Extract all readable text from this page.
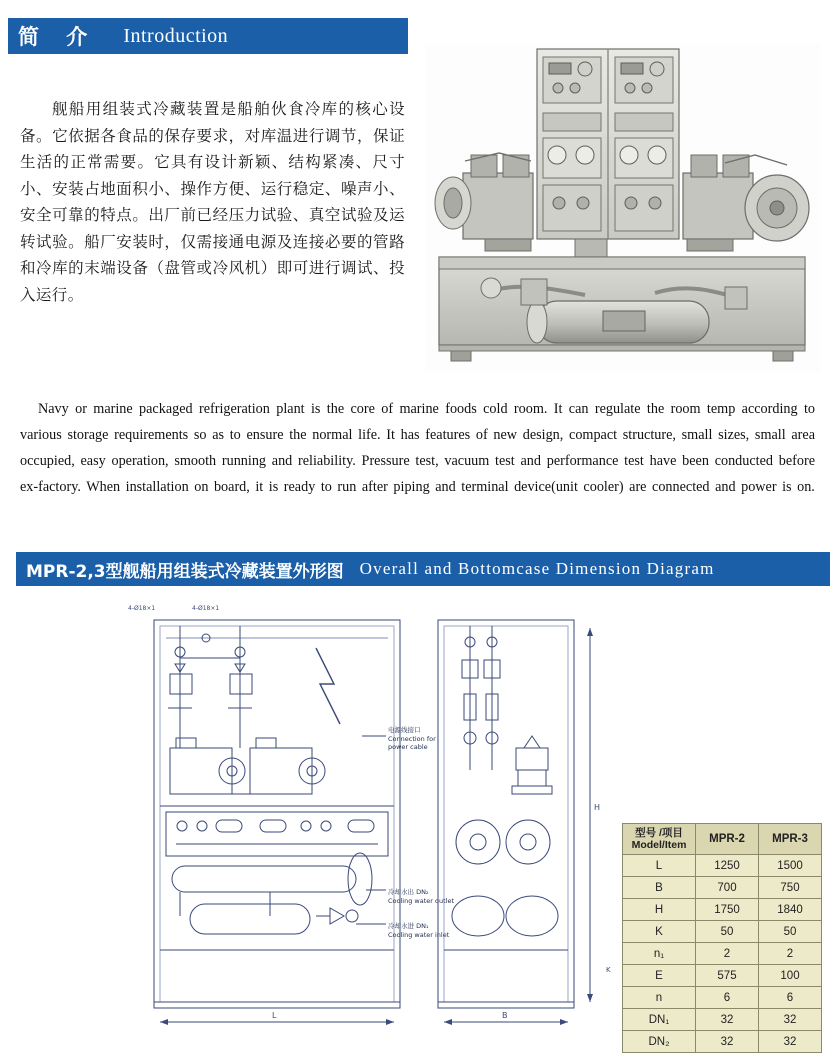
简 介 Introduction
舰船用组装式冷藏装置是船舶伙食冷库的核心设备。它依据各食品的保存要求，对库温进行调节，保证生活的正常需要。它具有设计新颖、结构紧凑、尺寸小、安装占地面积小、操作方便、运行稳定、噪声小、安全可靠的特点。出厂前已经压力试验、真空试验及运转试验。船厂安装时，仅需接通电源及连接必要的管路和冷库的末端设备（盘管或冷风机）即可进行调试、投入运行。
Navy or marine packaged refrigeration plant is the core of marine foods cold room. It can regulate the room temp according to various storage requirements so as to ensure the normal life. It has features of new design, compact structure, small sizes, small area occupied, easy operation, smooth running and reliability. Pressure test, vacuum test and performance test have been conducted before ex-factory. When installation on board, it is ready to run after piping and terminal device(unit cooler) are connected and power is on.
MPR-2,3型舰船用组装式冷藏装置外形图 Overall and Bottomcase Dimension Diagram
4-Ø18×1	4-Ø18×1
L	B
H
K
电源线接口
Connection for
power cable
冷却水出 DN₂
Cooling water outlet
冷却水进 DN₁
Cooling water inlet
型号 /项目
Model/Item	MPR-2	MPR-3
L	1250	1500
B	700	750
H	1750	1840
K	50	50
n₁	2	2
E	575	100
n	6	6
DN₁	32	32
DN₂	32	32
